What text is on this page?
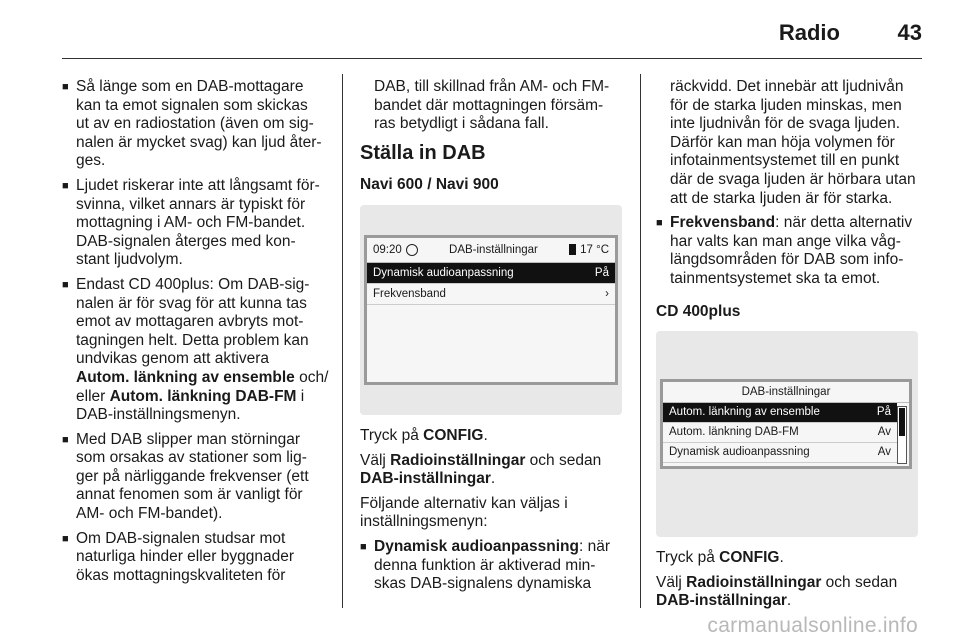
Radio	43
■ Så länge som en DAB-mottagare
kan ta emot signalen som skickas
ut av en radiostation (även om sig-
nalen är mycket svag) kan ljud åter-
ges.
■ Ljudet riskerar inte att långsamt för-
svinna, vilket annars är typiskt för
mottagning i AM- och FM-bandet.
DAB-signalen återges med kon-
stant ljudvolym.
■ Endast CD 400plus: Om DAB-sig-
nalen är för svag för att kunna tas
emot av mottagaren avbryts mot-
tagningen helt. Detta problem kan
undvikas genom att aktivera
Autom. länkning av ensemble och/
eller Autom. länkning DAB-FM i
DAB-inställningsmenyn.
■ Med DAB slipper man störningar
som orsakas av stationer som lig-
ger på närliggande frekvenser (ett
annat fenomen som är vanligt för
AM- och FM-bandet).
■ Om DAB-signalen studsar mot
naturliga hinder eller byggnader
ökas mottagningskvaliteten för

DAB, till skillnad från AM- och FM-
bandet där mottagningen försäm-
ras betydligt i sådana fall.

Ställa in DAB
Navi 600 / Navi 900
09:20	DAB-inställningar	17 °C
Dynamisk audioanpassning	På
Frekvensband	›

Tryck på CONFIG.

Välj Radioinställningar och sedan
DAB-inställningar.

Följande alternativ kan väljas i
inställningsmenyn:

■ Dynamisk audioanpassning: när
denna funktion är aktiverad min-
skas DAB-signalens dynamiska

räckvidd. Det innebär att ljudnivån
för de starka ljuden minskas, men
inte ljudnivån för de svaga ljuden.
Därför kan man höja volymen för
infotainmentsystemet till en punkt
där de svaga ljuden är hörbara utan
att de starka ljuden är för starka.

■ Frekvensband: när detta alternativ
har valts kan man ange vilka våg-
längdsområden för DAB som info-
tainmentsystemet ska ta emot.
CD 400plus
DAB-inställningar
Autom. länkning av ensemble	På
Autom. länkning DAB-FM	Av
Dynamisk audioanpassning	Av

Tryck på CONFIG.

Välj Radioinställningar och sedan
DAB-inställningar.

carmanualsonline.info
